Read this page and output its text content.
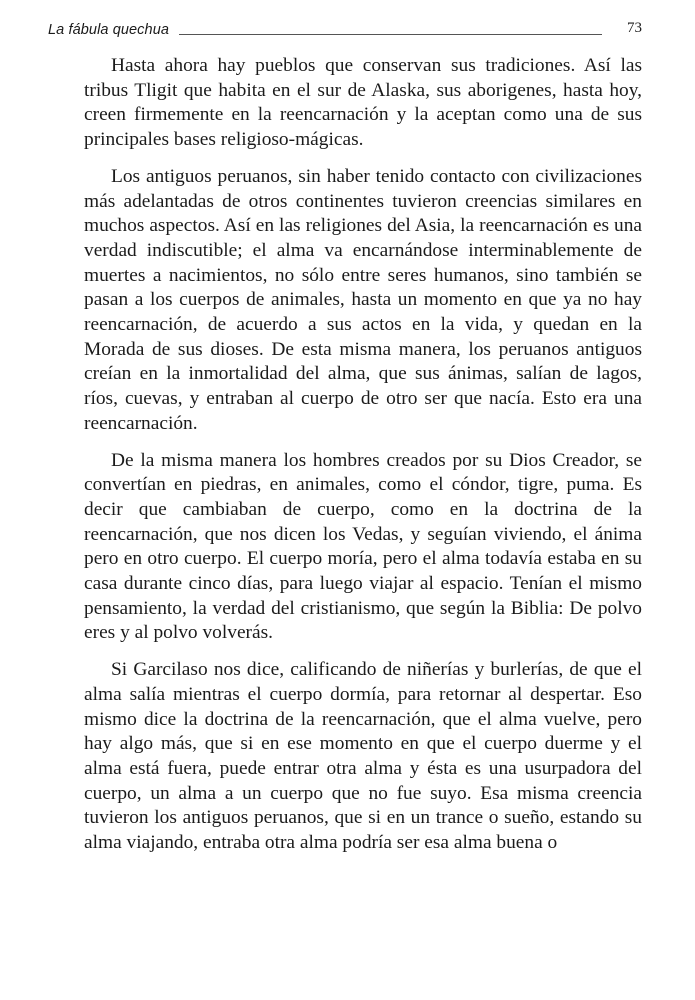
La fábula quechua	73

Hasta ahora hay pueblos que conservan sus tradiciones. Así las tribus Tligit que habita en el sur de Alaska, sus aborigenes, hasta hoy, creen firmemente en la reencarnación y la aceptan como una de sus principales bases religioso-mágicas.

Los antiguos peruanos, sin haber tenido contacto con civilizaciones más adelantadas de otros continentes tuvieron creencias similares en muchos aspectos. Así en las religiones del Asia, la reencarnación es una verdad indiscutible; el alma va encarnándose interminablemente de muertes a nacimientos, no sólo entre seres humanos, sino también se pasan a los cuerpos de animales, hasta un momento en que ya no hay reencarnación, de acuerdo a sus actos en la vida, y quedan en la Morada de sus dioses. De esta misma manera, los peruanos antiguos creían en la inmortalidad del alma, que sus ánimas, salían de lagos, ríos, cuevas, y entraban al cuerpo de otro ser que nacía. Esto era una reencarnación.

De la misma manera los hombres creados por su Dios Creador, se convertían en piedras, en animales, como el cóndor, tigre, puma. Es decir que cambiaban de cuerpo, como en la doctrina de la reencarnación, que nos dicen los Vedas, y seguían viviendo, el ánima pero en otro cuerpo. El cuerpo moría, pero el alma todavía estaba en su casa durante cinco días, para luego viajar al espacio. Tenían el mismo pensamiento, la verdad del cristianismo, que según la Biblia: De polvo eres y al polvo volverás.

Si Garcilaso nos dice, calificando de niñerías y burlerías, de que el alma salía mientras el cuerpo dormía, para retornar al despertar. Eso mismo dice la doctrina de la reencarnación, que el alma vuelve, pero hay algo más, que si en ese momento en que el cuerpo duerme y el alma está fuera, puede entrar otra alma y ésta es una usurpadora del cuerpo, un alma a un cuerpo que no fue suyo. Esa misma creencia tuvieron los antiguos peruanos, que si en un trance o sueño, estando su alma viajando, entraba otra alma podría ser esa alma buena o
